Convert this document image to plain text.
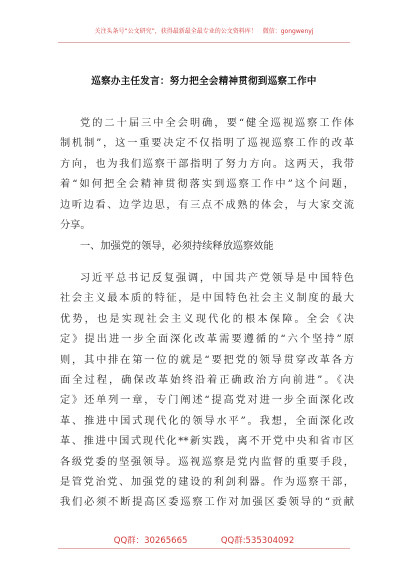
关注头条号“公文研究”，获得最新最全最专业的公文资料库！　微信：gongwenyj
巡察办主任发言：努力把全会精神贯彻到巡察工作中
党的二十届三中全会明确，要“健全巡视巡察工作体
制机制”，这一重要决定不仅指明了巡视巡察工作的改革
方向，也为我们巡察干部指明了努力方向。这两天，我带
着“如何把全会精神贯彻落实到巡察工作中”这个问题，
边听边看、边学边思，有三点不成熟的体会，与大家交流
分享。
一、加强党的领导，必须持续释放巡察效能
习近平总书记反复强调，中国共产党领导是中国特色
社会主义最本质的特征，是中国特色社会主义制度的最大
优势，也是实现社会主义现代化的根本保障。全会《决
定》提出进一步全面深化改革需要遵循的“六个坚持”原
则，其中排在第一位的就是“要把党的领导贯穿改革各方
面全过程，确保改革始终沿着正确政治方向前进”。《决
定》还单列一章，专门阐述“提高党对进一步全面深化改
革、推进中国式现代化的领导水平”。我想，全面深化改
革、推进中国式现代化**新实践，离不开党中央和省市区
各级党委的坚强领导。巡视巡察是党内监督的重要手段，
是管党治党、加强党的建设的利剑利器。作为巡察干部，
我们必须不断提高区委巡察工作对加强区委领导的“贡献
QQ群：30265665	QQ群:535304092
